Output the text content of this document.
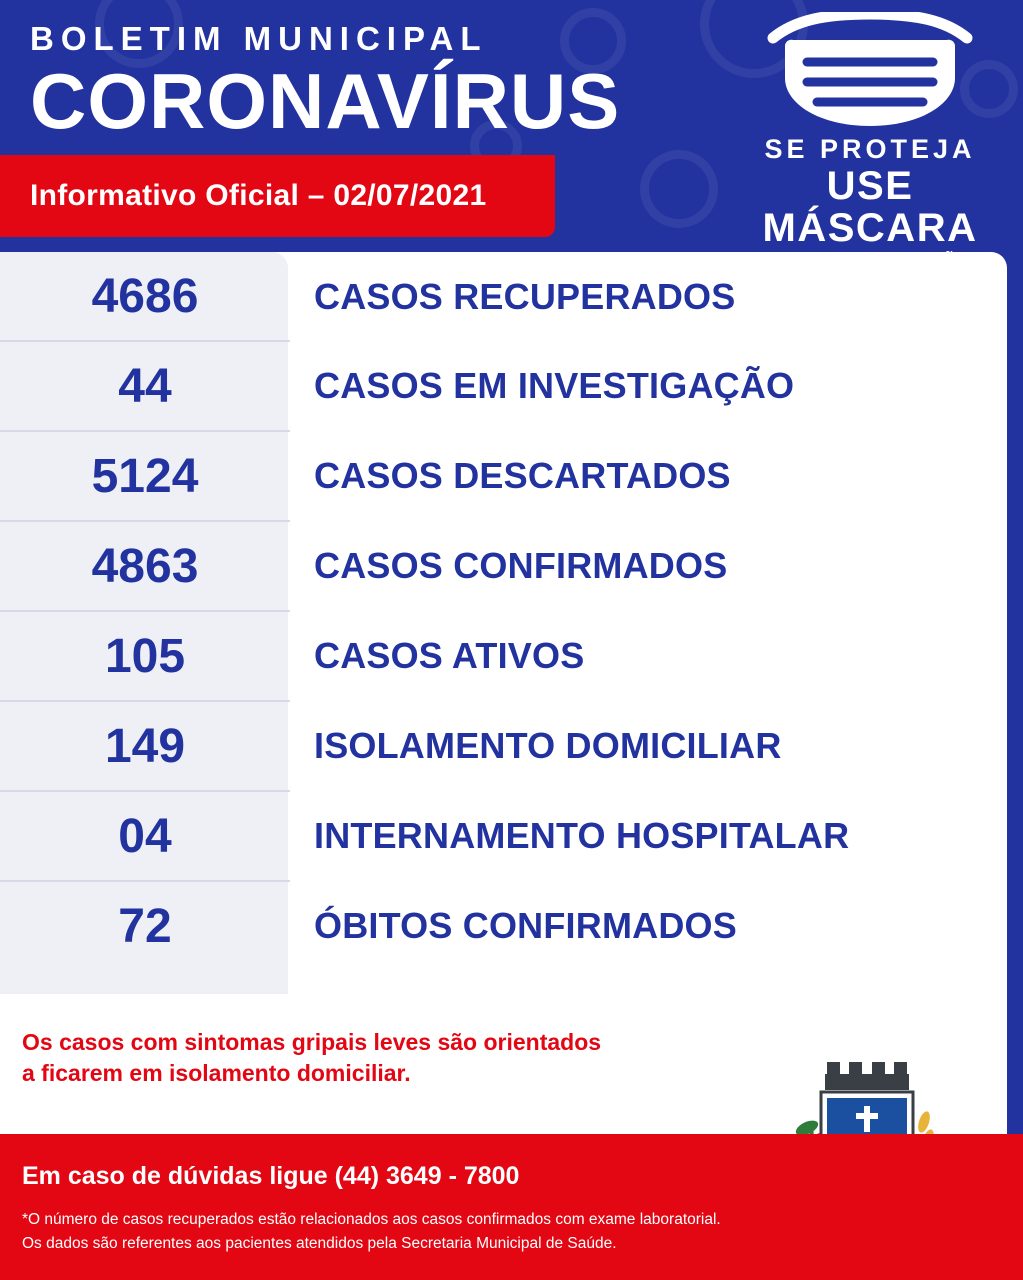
BOLETIM MUNICIPAL
CORONAVÍRUS
Informativo Oficial – 02/07/2021
SE PROTEJA
USE MÁSCARA
4686	CASOS RECUPERADOS
44	CASOS EM INVESTIGAÇÃO
5124	CASOS DESCARTADOS
4863	CASOS CONFIRMADOS
105	CASOS ATIVOS
149	ISOLAMENTO DOMICILIAR
04	INTERNAMENTO HOSPITALAR
72	ÓBITOS CONFIRMADOS
Os casos com sintomas gripais leves são orientados
a ficarem em isolamento domiciliar.
Em caso de dúvidas ligue (44) 3649 - 7800
*O número de casos recuperados estão relacionados aos casos confirmados com exame laboratorial.
Os dados são referentes aos pacientes atendidos pela Secretaria Municipal de Saúde.
